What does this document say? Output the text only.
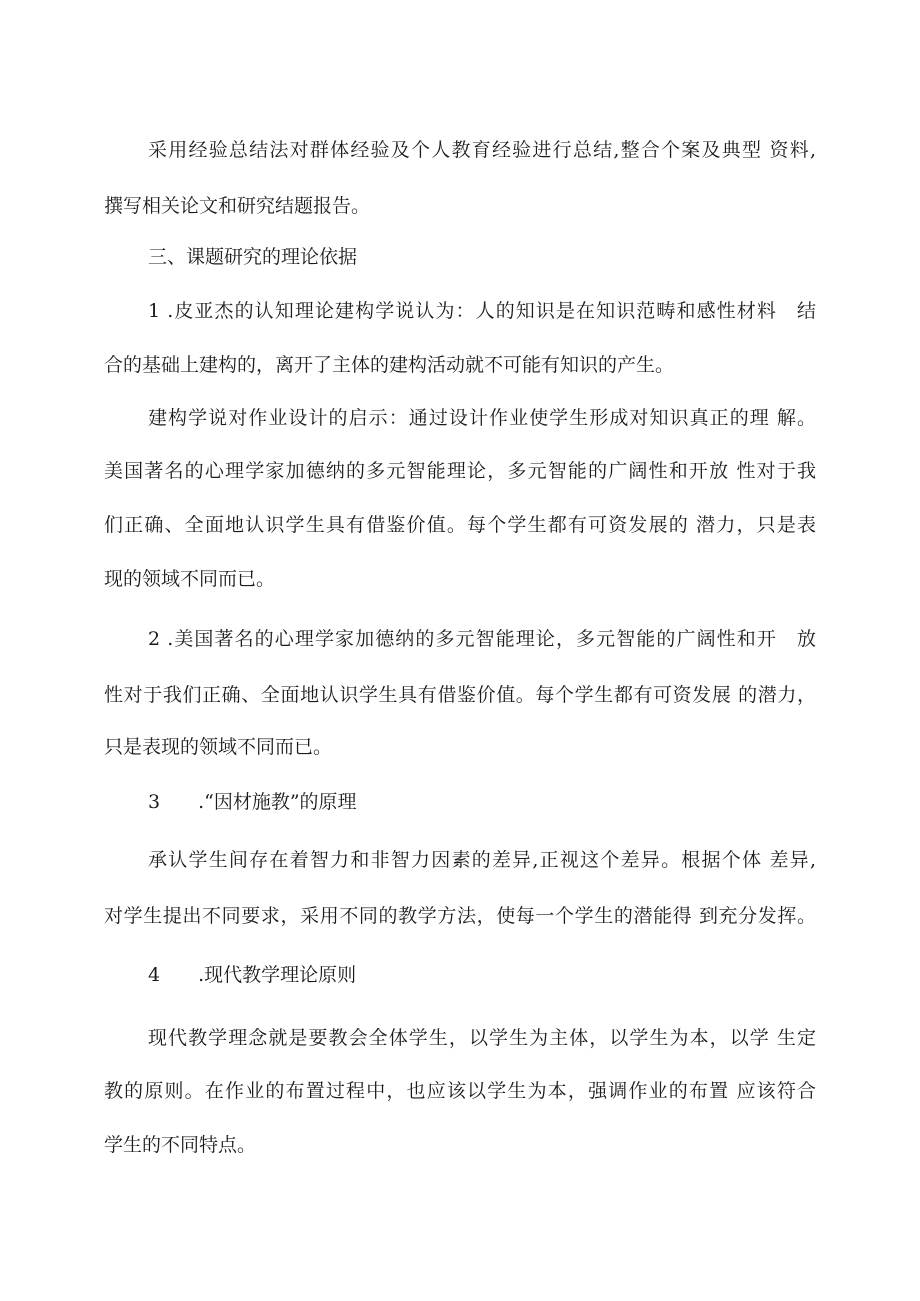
采用经验总结法对群体经验及个人教育经验进行总结,整合个案及典型 资料,
撰写相关论文和研究结题报告。
三、课题研究的理论依据
1 .皮亚杰的认知理论建构学说认为：人的知识是在知识范畴和感性材料　结
合的基础上建构的，离开了主体的建构活动就不可能有知识的产生。
建构学说对作业设计的启示：通过设计作业使学生形成对知识真正的理 解。
美国著名的心理学家加德纳的多元智能理论，多元智能的广阔性和开放 性对于我
们正确、全面地认识学生具有借鉴价值。每个学生都有可资发展的 潜力，只是表
现的领域不同而已。
2 .美国著名的心理学家加德纳的多元智能理论，多元智能的广阔性和开　放
性对于我们正确、全面地认识学生具有借鉴价值。每个学生都有可资发展 的潜力，
只是表现的领域不同而已。
3　　.“因材施教”的原理
承认学生间存在着智力和非智力因素的差异,正视这个差异。根据个体 差异,
对学生提出不同要求，采用不同的教学方法，使每一个学生的潜能得 到充分发挥。
4　　.现代教学理论原则
现代教学理念就是要教会全体学生，以学生为主体，以学生为本，以学 生定
教的原则。在作业的布置过程中，也应该以学生为本，强调作业的布置 应该符合
学生的不同特点。
